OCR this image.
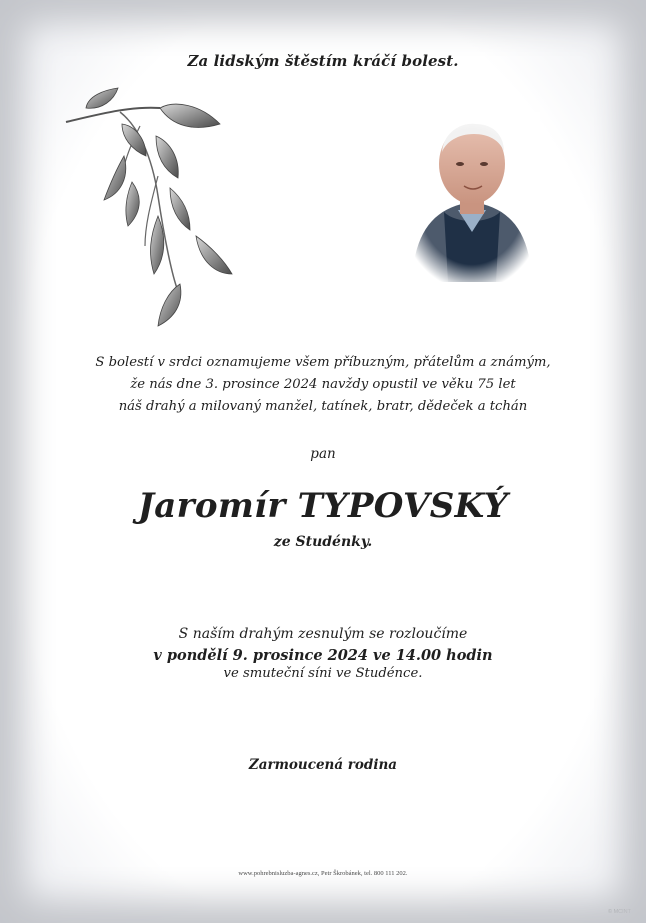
Za lidským štěstím kráčí bolest.
S bolestí v srdci oznamujeme všem příbuzným, přátelům a známým,
že nás dne 3. prosince 2024 navždy opustil ve věku 75 let
náš drahý a milovaný manžel, tatínek, bratr, dědeček a tchán
pan
Jaromír TYPOVSKÝ
ze Studénky.
S naším drahým zesnulým se rozloučíme
v pondělí 9. prosince 2024 ve 14.00 hodin
ve smuteční síni ve Studénce.
Zarmoucená rodina
www.pohrebnisluzba-agnes.cz, Petr Škrobánek, tel. 800 111 202.
© MCINT
